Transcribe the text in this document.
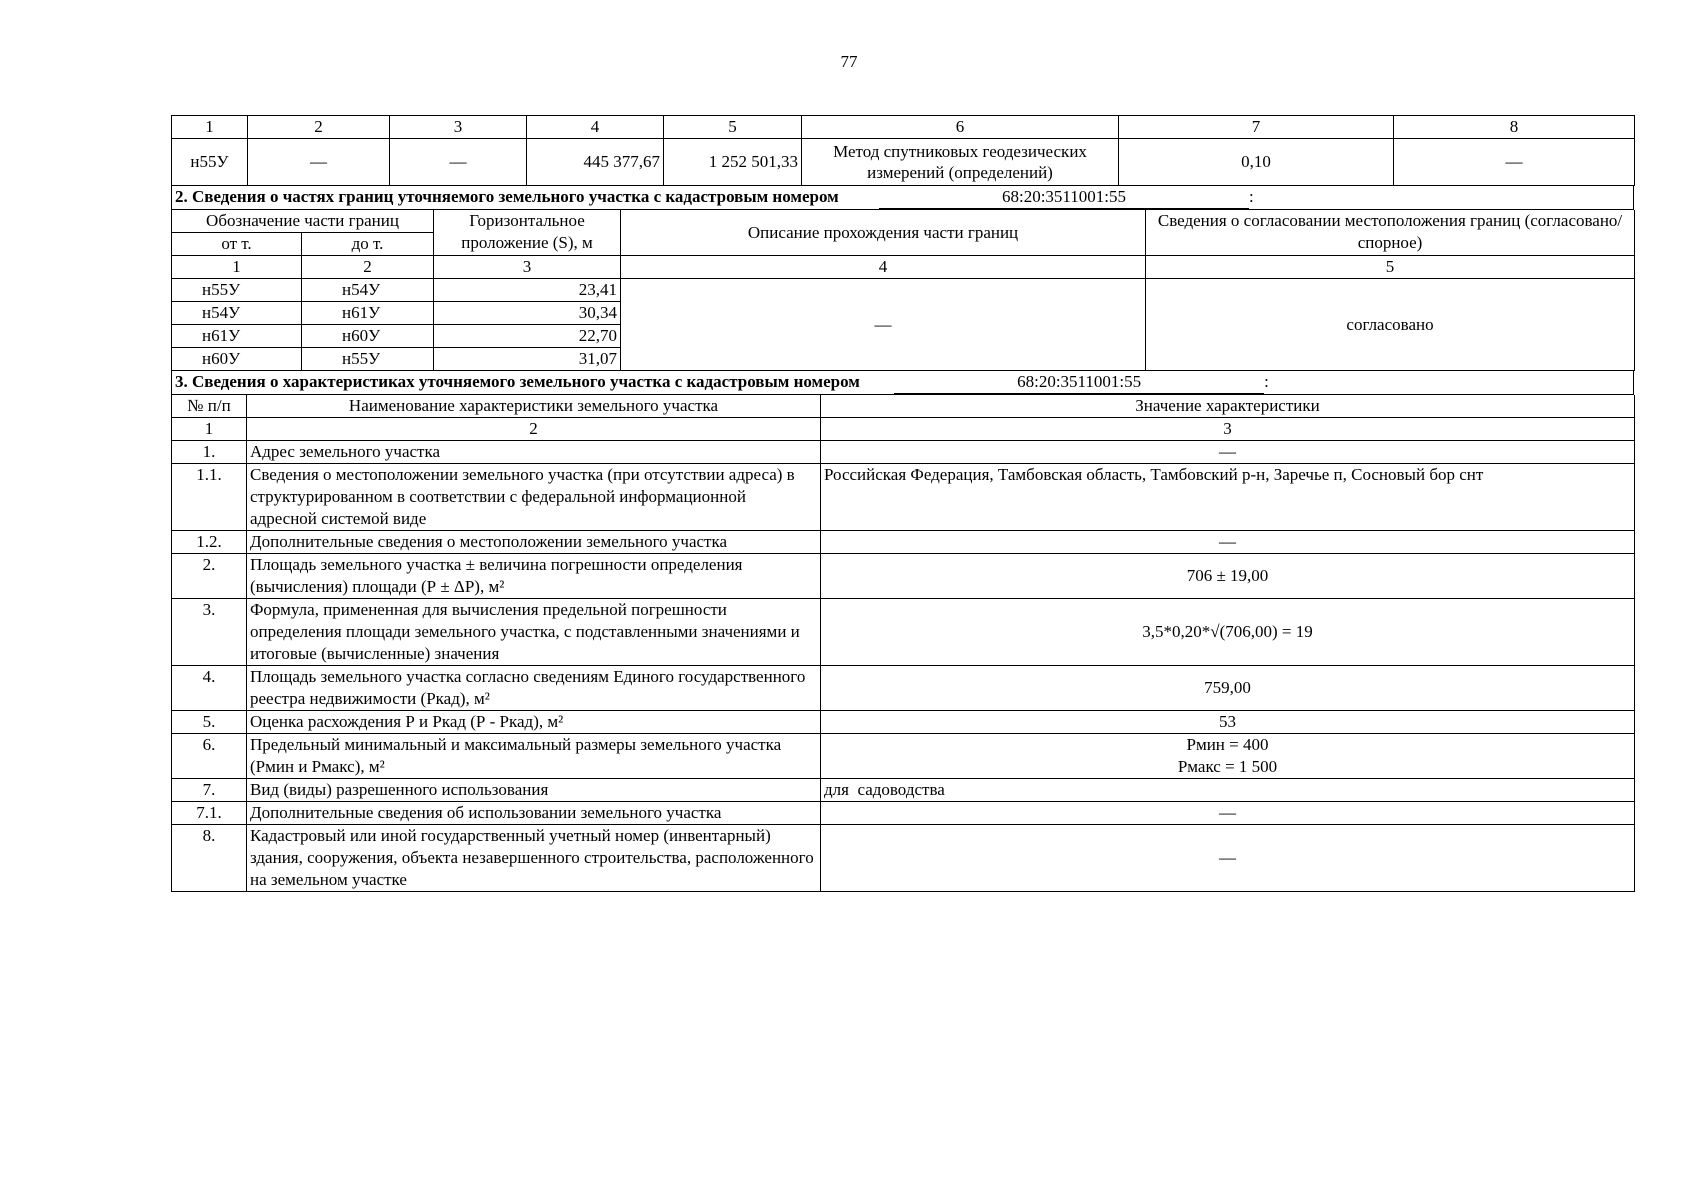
77
1	2	3	4	5	6	7	8
н55У	—	—	445 377,67	1 252 501,33	Метод спутниковых геодезических измерений (определений)	0,10	—
2. Сведения о частях границ уточняемого земельного участка с кадастровым номером	68:20:3511001:55	:
Обозначение части границ		Горизонтальное проложение (S), м	Описание прохождения части границ	Сведения о согласовании местоположения границ (согласовано/спорное)
от т.	до т.			
1	2	3	4	5
н55У	н54У	23,41	—	согласовано
н54У	н61У	30,34		
н61У	н60У	22,70		
н60У	н55У	31,07		
3. Сведения о характеристиках уточняемого земельного участка с кадастровым номером	68:20:3511001:55	:
№ п/п	Наименование характеристики земельного участка	Значение характеристики
1	2	3
1.	Адрес земельного участка	—
1.1.	Сведения о местоположении земельного участка (при отсутствии адреса) в структурированном в соответствии с федеральной информационной адресной системой виде	Российская Федерация, Тамбовская область, Тамбовский р-н, Заречье п, Сосновый бор снт
1.2.	Дополнительные сведения о местоположении земельного участка	—
2.	Площадь земельного участка ± величина погрешности определения (вычисления) площади (Р ± ΔР), м²	706 ± 19,00
3.	Формула, примененная для вычисления предельной погрешности определения площади земельного участка, с подставленными значениями и итоговые (вычисленные) значения	3,5*0,20*√(706,00) = 19
4.	Площадь земельного участка согласно сведениям Единого государственного реестра недвижимости (Ркад), м²	759,00
5.	Оценка расхождения Р и Ркад (Р - Ркад), м²	53
6.	Предельный минимальный и максимальный размеры земельного участка (Рмин и Рмакс), м²	Рмин = 400
Рмакс = 1 500

7.	Вид (виды) разрешенного использования	для  садоводства
7.1.	Дополнительные сведения об использовании земельного участка	—
8.	Кадастровый или иной государственный учетный номер (инвентарный) здания, сооружения, объекта незавершенного строительства, расположенного на земельном участке	—
